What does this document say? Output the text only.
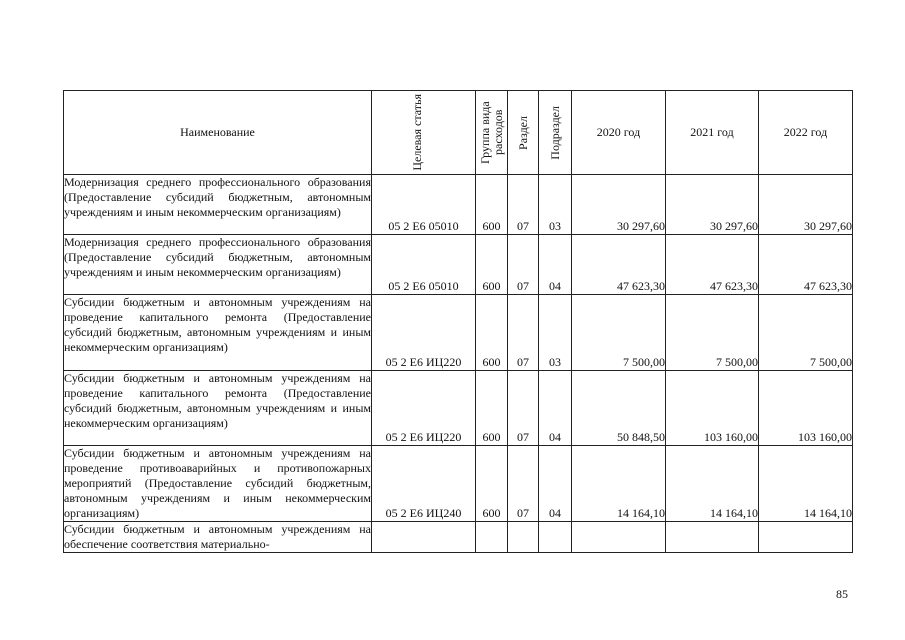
Наименование	Целевая статья	Группа вида расходов	Раздел	Подраздел	2020 год	2021 год	2022 год
Модернизация среднего профессионального образования (Предоставление субсидий бюджетным, автономным учреждениям и иным некоммерческим организациям)	05 2 Е6 05010	600	07	03	30 297,60	30 297,60	30 297,60
Модернизация среднего профессионального образования (Предоставление субсидий бюджетным, автономным учреждениям и иным некоммерческим организациям)	05 2 Е6 05010	600	07	04	47 623,30	47 623,30	47 623,30
Субсидии бюджетным и автономным учреждениям на проведение капитального ремонта (Предоставление субсидий бюджетным, автономным учреждениям и иным некоммерческим организациям)	05 2 Е6 ИЦ220	600	07	03	7 500,00	7 500,00	7 500,00
Субсидии бюджетным и автономным учреждениям на проведение капитального ремонта (Предоставление субсидий бюджетным, автономным учреждениям и иным некоммерческим организациям)	05 2 Е6 ИЦ220	600	07	04	50 848,50	103 160,00	103 160,00
Субсидии бюджетным и автономным учреждениям на проведение противоаварийных и противопожарных мероприятий (Предоставление субсидий бюджетным, автономным учреждениям и иным некоммерческим организациям)	05 2 Е6 ИЦ240	600	07	04	14 164,10	14 164,10	14 164,10
Субсидии бюджетным и автономным учреждениям на обеспечение соответствия материально-							
85
